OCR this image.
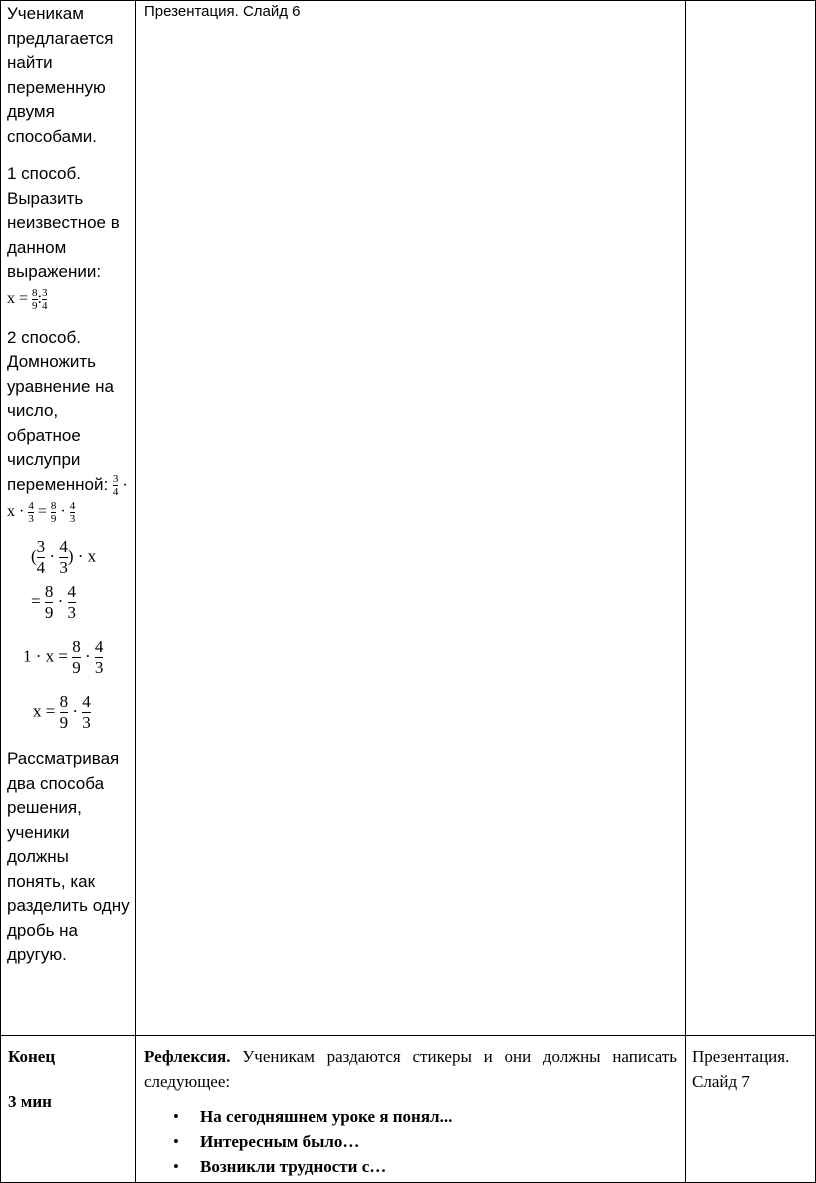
Ученикам предлагается найти переменную двумя способами.

1 способ.

Выразить неизвестное в данном выражении:

$x = \frac{8}{9}$ : $\frac{3}{4}$

2 способ.

Домножить уравнение на число, обратное числупри переменной:

$\frac{3}{4}$ ·
$x \cdot \frac{4}{3} = \frac{8}{9} \cdot \frac{4}{3}$
( $\frac{3}{4} \cdot \frac{4}{3}$ ) · x
= $\frac{8}{9} \cdot \frac{4}{3}$
$1 \cdot x = \frac{8}{9} \cdot \frac{4}{3}$
$x = \frac{8}{9} \cdot \frac{4}{3}$

Рассматривая два способа решения, ученики должны понять, как разделить одну дробь на другую.

Презентация. Слайд 6
Конец
3 мин
Рефлексия. Ученикам раздаются стикеры и они должны написать следующее:
• На сегодняшнем уроке я понял...
• Интересным было…
• Возникли трудности с…
Презентация. Слайд 7
